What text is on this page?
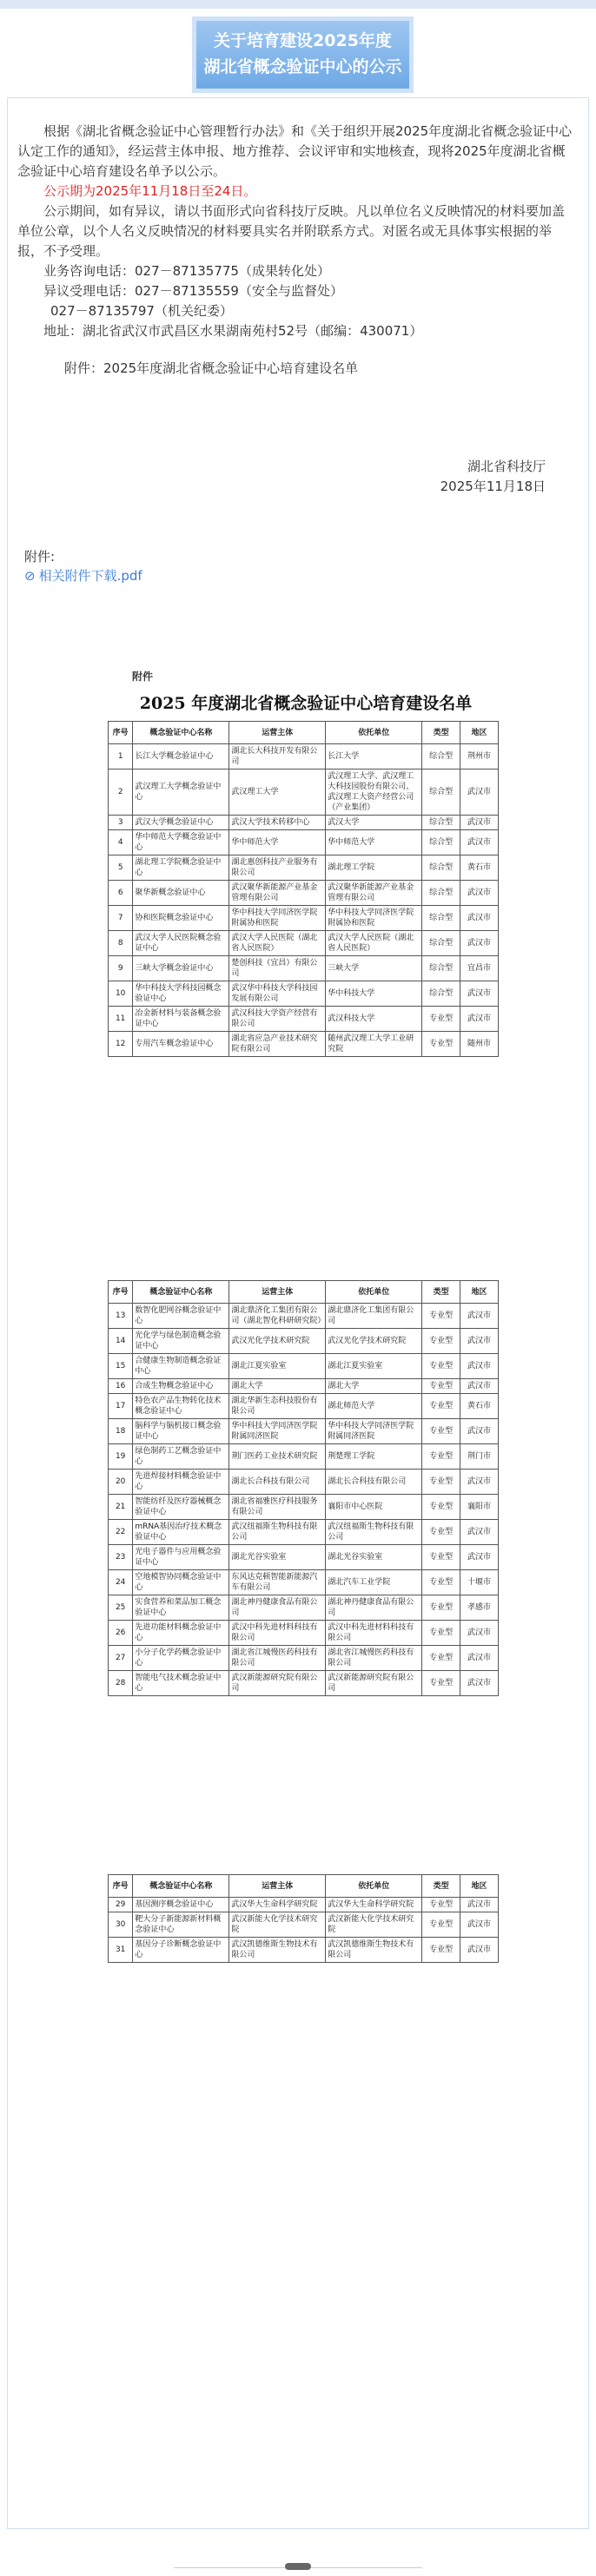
关于培育建设2025年度
湖北省概念验证中心的公示

根据《湖北省概念验证中心管理暂行办法》和《关于组织开展2025年度湖北省概念验证中心认定工作的通知》，经运营主体申报、地方推荐、会议评审和实地核查，现将2025年度湖北省概念验证中心培育建设名单予以公示。

公示期为2025年11月18日至24日。

公示期间，如有异议，请以书面形式向省科技厅反映。凡以单位名义反映情况的材料要加盖单位公章，以个人名义反映情况的材料要具实名并附联系方式。对匿名或无具体事实根据的举报，不予受理。

业务咨询电话：027－87135775（成果转化处）

异议受理电话：027－87135559（安全与监督处）

027－87135797（机关纪委）

地址：湖北省武汉市武昌区水果湖南苑村52号（邮编：430071）

附件：2025年度湖北省概念验证中心培育建设名单

湖北省科技厅
2025年11月18日
附件:
⊘ 相关附件下载.pdf
附件
2025 年度湖北省概念验证中心培育建设名单
序号	概念验证中心名称	运营主体	依托单位	类型	地区
1	长江大学概念验证中心	湖北长大科技开发有限公司	长江大学	综合型	荆州市
2	武汉理工大学概念验证中心	武汉理工大学	武汉理工大学、武汉理工大科技园股份有限公司、武汉理工大资产经营公司（产业集团）	综合型	武汉市
3	武汉大学概念验证中心	武汉大学技术转移中心	武汉大学	综合型	武汉市
4	华中师范大学概念验证中心	华中师范大学	华中师范大学	综合型	武汉市
5	湖北理工学院概念验证中心	湖北惠创科技产业服务有限公司	湖北理工学院	综合型	黄石市
6	聚华新概念验证中心	武汉聚华新能源产业基金管理有限公司	武汉聚华新能源产业基金管理有限公司	综合型	武汉市
7	协和医院概念验证中心	华中科技大学同济医学院附属协和医院	华中科技大学同济医学院附属协和医院	综合型	武汉市
8	武汉大学人民医院概念验证中心	武汉大学人民医院（湖北省人民医院）	武汉大学人民医院（湖北省人民医院）	综合型	武汉市
9	三峡大学概念验证中心	楚创科技（宜昌）有限公司	三峡大学	综合型	宜昌市
10	华中科技大学科技园概念验证中心	武汉华中科技大学科技园发展有限公司	华中科技大学	综合型	武汉市
11	冶金新材料与装备概念验证中心	武汉科技大学资产经营有限公司	武汉科技大学	专业型	武汉市
12	专用汽车概念验证中心	湖北省应急产业技术研究院有限公司	随州武汉理工大学工业研究院	专业型	随州市
序号	概念验证中心名称	运营主体	依托单位	类型	地区
13	数智化肥网谷概念验证中心	湖北鼎济化工集团有限公司（湖北智化科研研究院）	湖北鼎济化工集团有限公司	专业型	武汉市
14	光化学与绿色制造概念验证中心	武汉光化学技术研究院	武汉光化学技术研究院	专业型	武汉市
15	合健康生物制造概念验证中心	湖北江夏实验室	湖北江夏实验室	专业型	武汉市
16	合成生物概念验证中心	湖北大学	湖北大学	专业型	武汉市
17	特色农产品生物转化技术概念验证中心	湖北华新生态科技股份有限公司	湖北师范大学	专业型	黄石市
18	脑科学与脑机接口概念验证中心	华中科技大学同济医学院附属同济医院	华中科技大学同济医学院附属同济医院	专业型	武汉市
19	绿色制药工艺概念验证中心	荆门医药工业技术研究院	荆楚理工学院	专业型	荆门市
20	先进焊接材料概念验证中心	湖北长合科技有限公司	湖北长合科技有限公司	专业型	武汉市
21	智能纺纤及医疗器械概念验证中心	湖北省福雅医疗科技服务有限公司	襄阳市中心医院	专业型	襄阳市
22	mRNA基因治疗技术概念验证中心	武汉纽福斯生物科技有限公司	武汉纽福斯生物科技有限公司	专业型	武汉市
23	光电子器件与应用概念验证中心	湖北光谷实验室	湖北光谷实验室	专业型	武汉市
24	空地模智协同概念验证中心	东风达克顿智能新能源汽车有限公司	湖北汽车工业学院	专业型	十堰市
25	实食营养和菜品加工概念验证中心	湖北神丹健康食品有限公司	湖北神丹健康食品有限公司	专业型	孝感市
26	先进功能材料概念验证中心	武汉中科先进材料科技有限公司	武汉中科先进材料科技有限公司	专业型	武汉市
27	小分子化学药概念验证中心	湖北省江城慢医药科技有限公司	湖北省江城慢医药科技有限公司	专业型	武汉市
28	智能电气技术概念验证中心	武汉新能源研究院有限公司	武汉新能源研究院有限公司	专业型	武汉市
序号	概念验证中心名称	运营主体	依托单位	类型	地区
29	基因测序概念验证中心	武汉华大生命科学研究院	武汉华大生命科学研究院	专业型	武汉市
30	靶大分子新能源新材料概念验证中心	武汉新能大化学技术研究院	武汉新能大化学技术研究院	专业型	武汉市
31	基因分子诊断概念验证中心	武汉凯德维斯生物技术有限公司	武汉凯德维斯生物技术有限公司	专业型	武汉市
